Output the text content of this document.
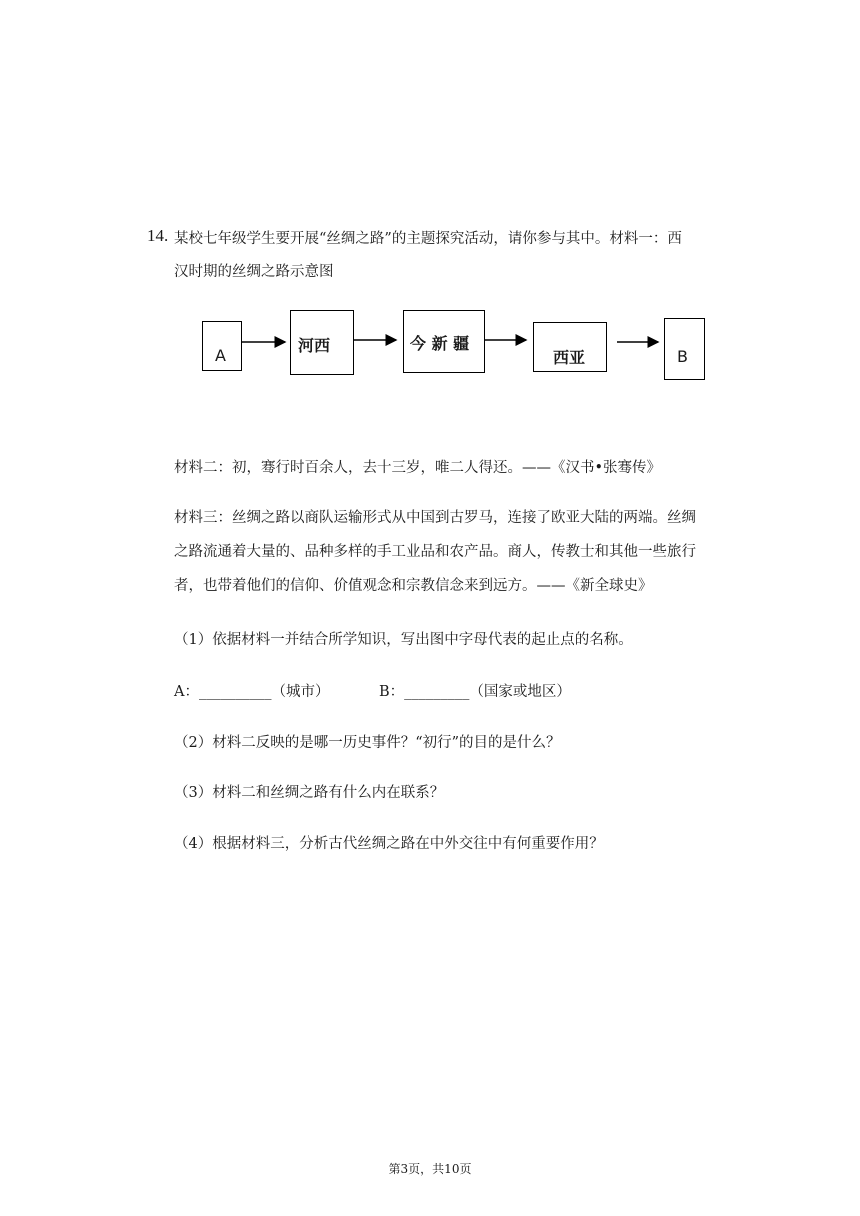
14. 某校七年级学生要开展“丝绸之路”的主题探究活动，请你参与其中。材料一：西
汉时期的丝绸之路示意图
A
河西	今 新 疆
西亚	B
材料二：初，骞行时百余人，去十三岁，唯二人得还。——《汉书•张骞传》
材料三：丝绸之路以商队运输形式从中国到古罗马，连接了欧亚大陆的两端。丝绸
之路流通着大量的、品种多样的手工业品和农产品。商人，传教士和其他一些旅行
者，也带着他们的信仰、价值观念和宗教信念来到远方。——《新全球史》
（1）依据材料一并结合所学知识，写出图中字母代表的起止点的名称。
A：__________（城市）	B：_________（国家或地区）
（2）材料二反映的是哪一历史事件？“初行”的目的是什么？
（3）材料二和丝绸之路有什么内在联系？
（4）根据材料三，分析古代丝绸之路在中外交往中有何重要作用？
第3页，共10页
